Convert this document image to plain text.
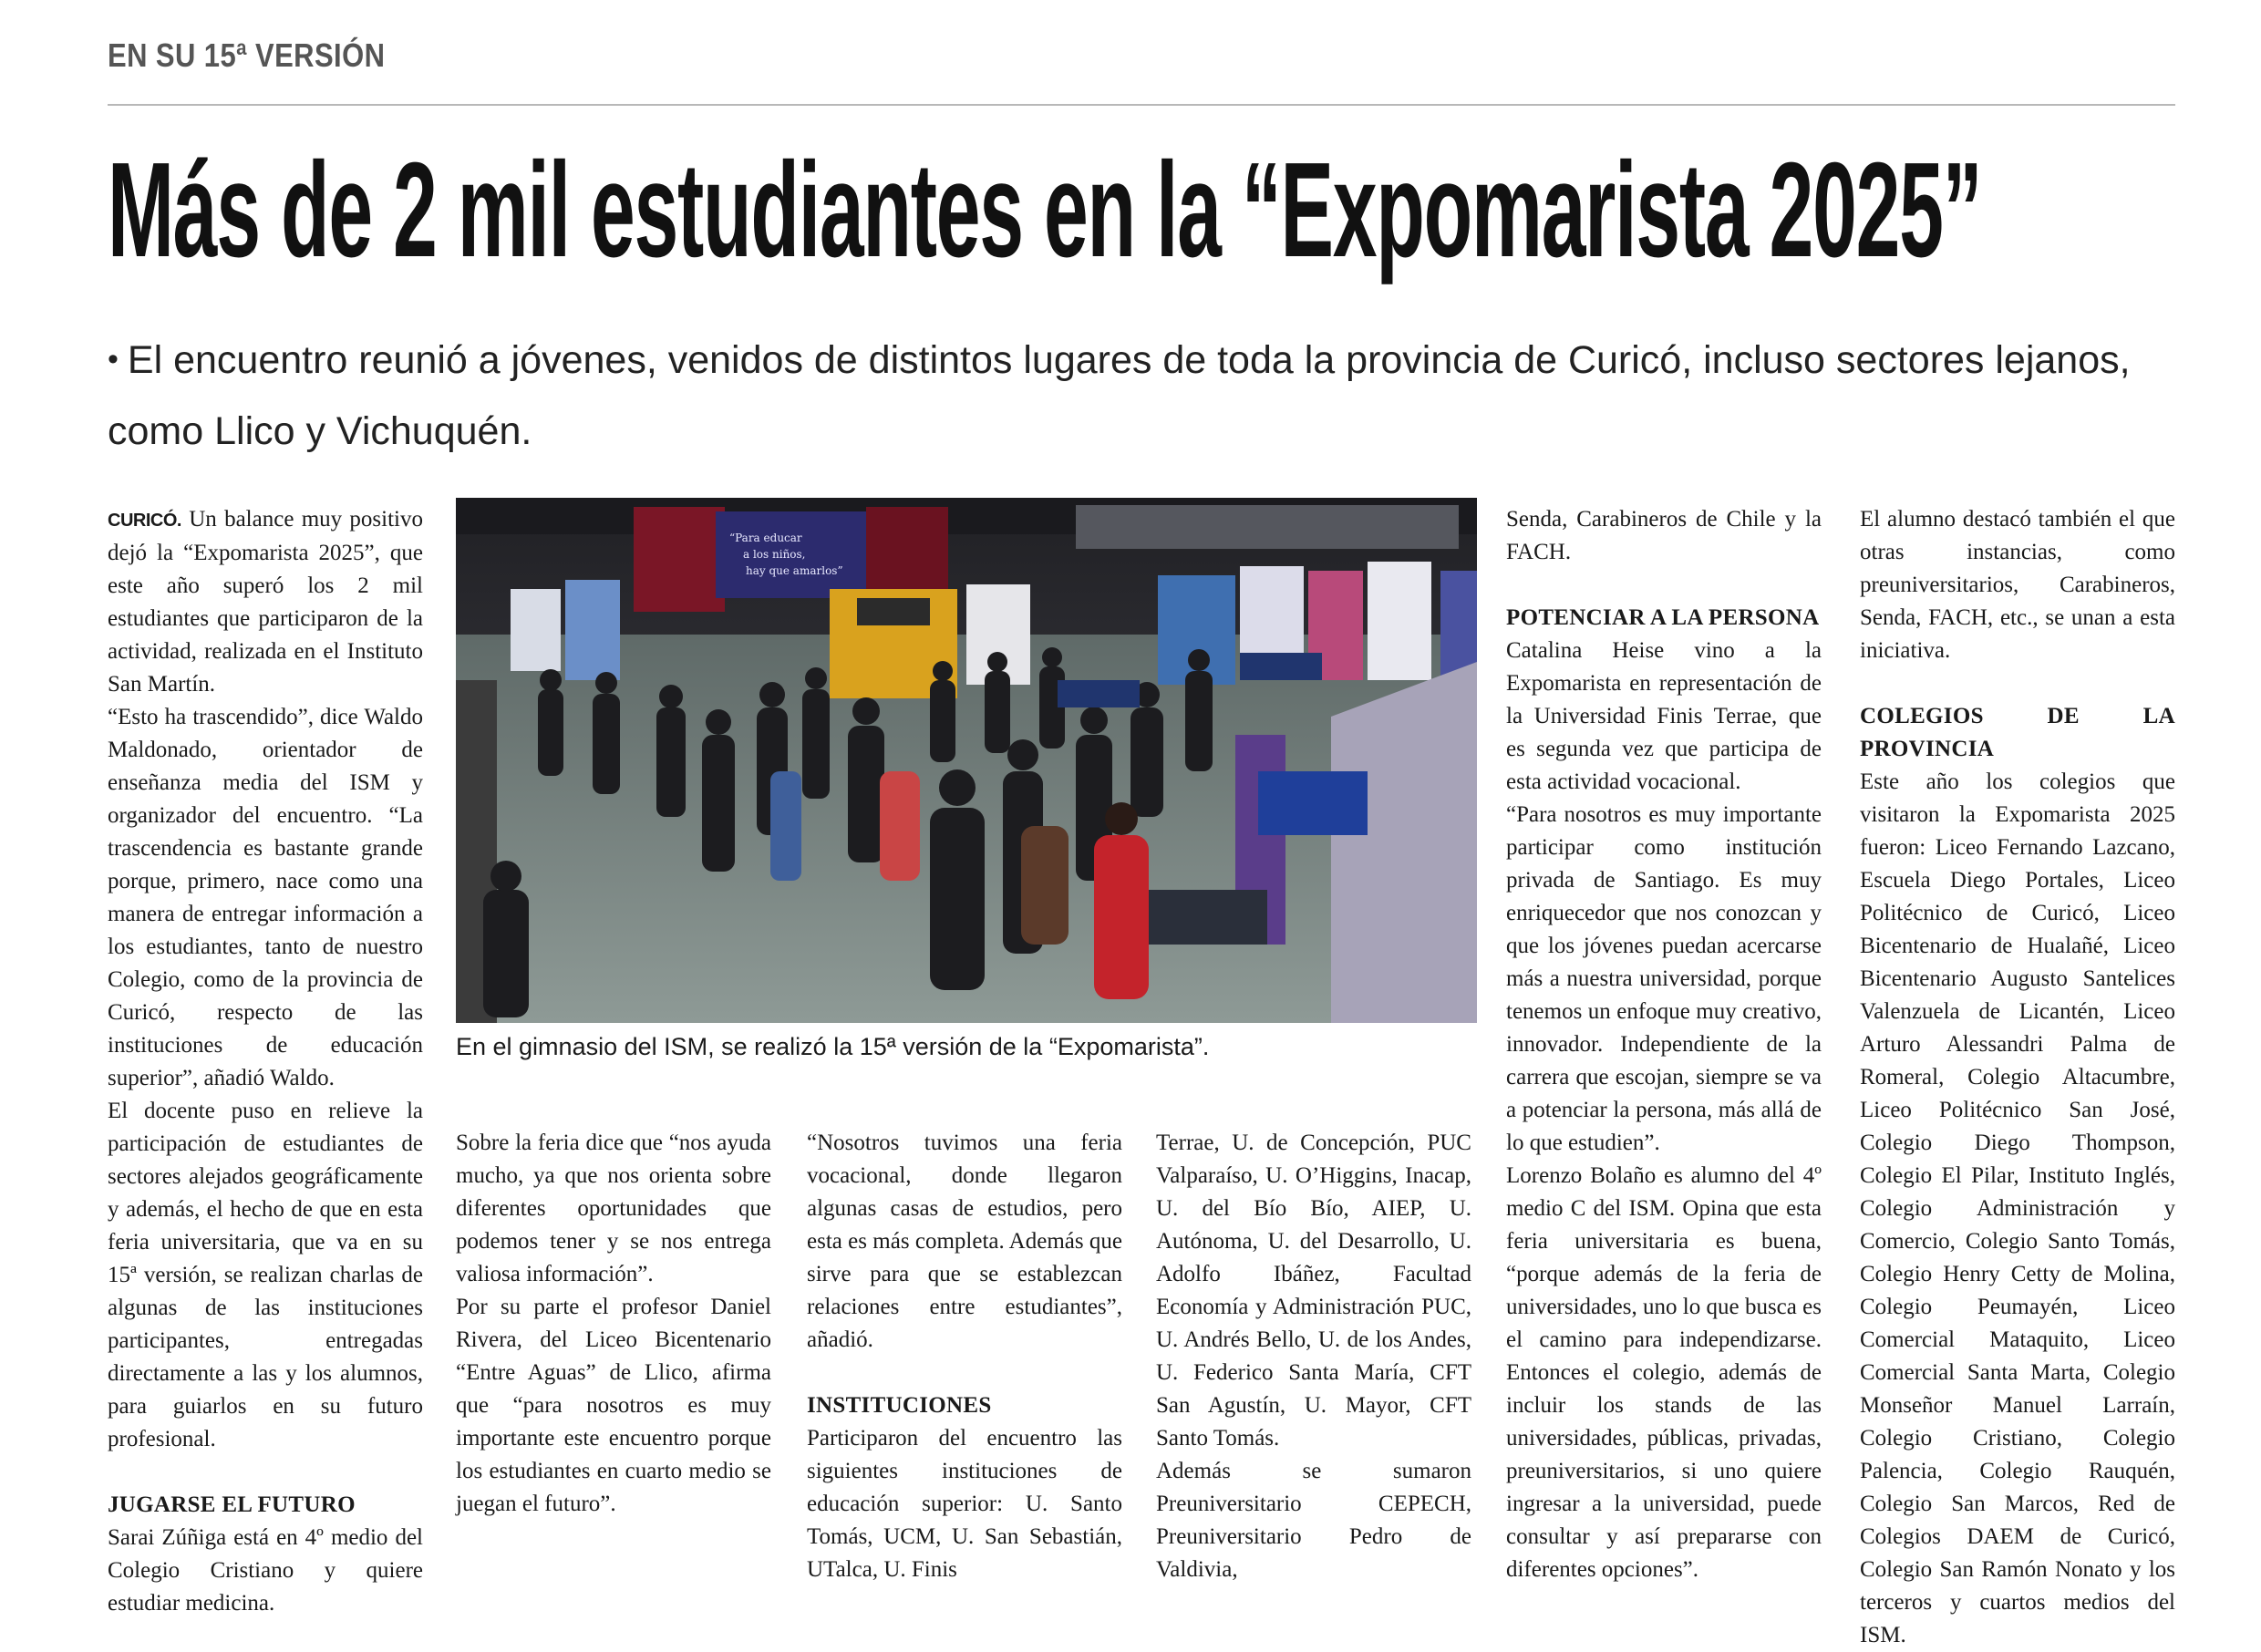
EN SU 15ª VERSIÓN
Más de 2 mil estudiantes en la “Expomarista 2025”

• El encuentro reunió a jóvenes, venidos de distintos lugares de toda la provincia de Curicó, incluso sectores lejanos, como Llico y Vichuquén.

CURICÓ. Un balance muy positivo dejó la “Expomarista 2025”, que este año superó los 2 mil estudiantes que participaron de la actividad, realizada en el Instituto San Martín.

“Esto ha trascendido”, dice Waldo Maldonado, orientador de enseñanza media del ISM y organizador del encuentro. “La trascendencia es bastante grande porque, primero, nace como una manera de entregar información a los estudiantes, tanto de nuestro Colegio, como de la provincia de Curicó, respecto de las instituciones de educación superior”, añadió Waldo.

El docente puso en relieve la participación de estudiantes de sectores alejados geográficamente y además, el hecho de que en esta feria universitaria, que va en su 15ª versión, se realizan charlas de algunas de las instituciones participantes, entregadas directamente a las y los alumnos, para guiarlos en su futuro profesional.

JUGARSE EL FUTURO

Sarai Zúñiga está en 4º medio del Colegio Cristiano y quiere estudiar medicina.

“Para educar
a los niños,
hay que amarlos”

En el gimnasio del ISM, se realizó la 15ª versión de la “Expomarista”.

Sobre la feria dice que “nos ayuda mucho, ya que nos orienta sobre diferentes oportunidades que podemos tener y se nos entrega valiosa información”.

Por su parte el profesor Daniel Rivera, del Liceo Bicentenario “Entre Aguas” de Llico, afirma que “para nosotros es muy importante este encuentro porque los estudiantes en cuarto medio se juegan el futuro”.

“Nosotros tuvimos una feria vocacional, donde llegaron algunas casas de estudios, pero esta es más completa. Además que sirve para que se establezcan relaciones entre estudiantes”, añadió.

INSTITUCIONES

Participaron del encuentro las siguientes instituciones de educación superior: U. Santo Tomás, UCM, U. San Sebastián, UTalca, U. Finis

Terrae, U. de Concepción, PUC Valparaíso, U. O’Higgins, Inacap, U. del Bío Bío, AIEP, U. Autónoma, U. del Desarrollo, U. Adolfo Ibáñez, Facultad Economía y Administración PUC, U. Andrés Bello, U. de los Andes, U. Federico Santa María, CFT San Agustín, U. Mayor, CFT Santo Tomás.

Además se sumaron Preuniversitario CEPECH, Preuniversitario Pedro de Valdivia,

Senda, Carabineros de Chile y la FACH.

POTENCIAR A LA PERSONA

Catalina Heise vino a la Expomarista en representación de la Universidad Finis Terrae, que es segunda vez que participa de esta actividad vocacional.

“Para nosotros es muy importante participar como institución privada de Santiago. Es muy enriquecedor que nos conozcan y que los jóvenes puedan acercarse más a nuestra universidad, porque tenemos un enfoque muy creativo, innovador. Independiente de la carrera que escojan, siempre se va a potenciar la persona, más allá de lo que estudien”.

Lorenzo Bolaño es alumno del 4º medio C del ISM. Opina que esta feria universitaria es buena, “porque además de la feria de universidades, uno lo que busca es el camino para independizarse. Entonces el colegio, además de incluir los stands de las universidades, públicas, privadas, preuniversitarios, si uno quiere ingresar a la universidad, puede consultar y así prepararse con diferentes opciones”.

El alumno destacó también el que otras instancias, como preuniversitarios, Carabineros, Senda, FACH, etc., se unan a esta iniciativa.

COLEGIOS DE LA PROVINCIA

Este año los colegios que visitaron la Expomarista 2025 fueron: Liceo Fernando Lazcano, Escuela Diego Portales, Liceo Politécnico de Curicó, Liceo Bicentenario de Hualañé, Liceo Bicentenario Augusto Santelices Valenzuela de Licantén, Liceo Arturo Alessandri Palma de Romeral, Colegio Altacumbre, Liceo Politécnico San José, Colegio Diego Thompson, Colegio El Pilar, Instituto Inglés, Colegio Administración y Comercio, Colegio Santo Tomás, Colegio Henry Cetty de Molina, Colegio Peumayén, Liceo Comercial Mataquito, Liceo Comercial Santa Marta, Colegio Monseñor Manuel Larraín, Colegio Cristiano, Colegio Palencia, Colegio Rauquén, Colegio San Marcos, Red de Colegios DAEM de Curicó, Colegio San Ramón Nonato y los terceros y cuartos medios del ISM.
